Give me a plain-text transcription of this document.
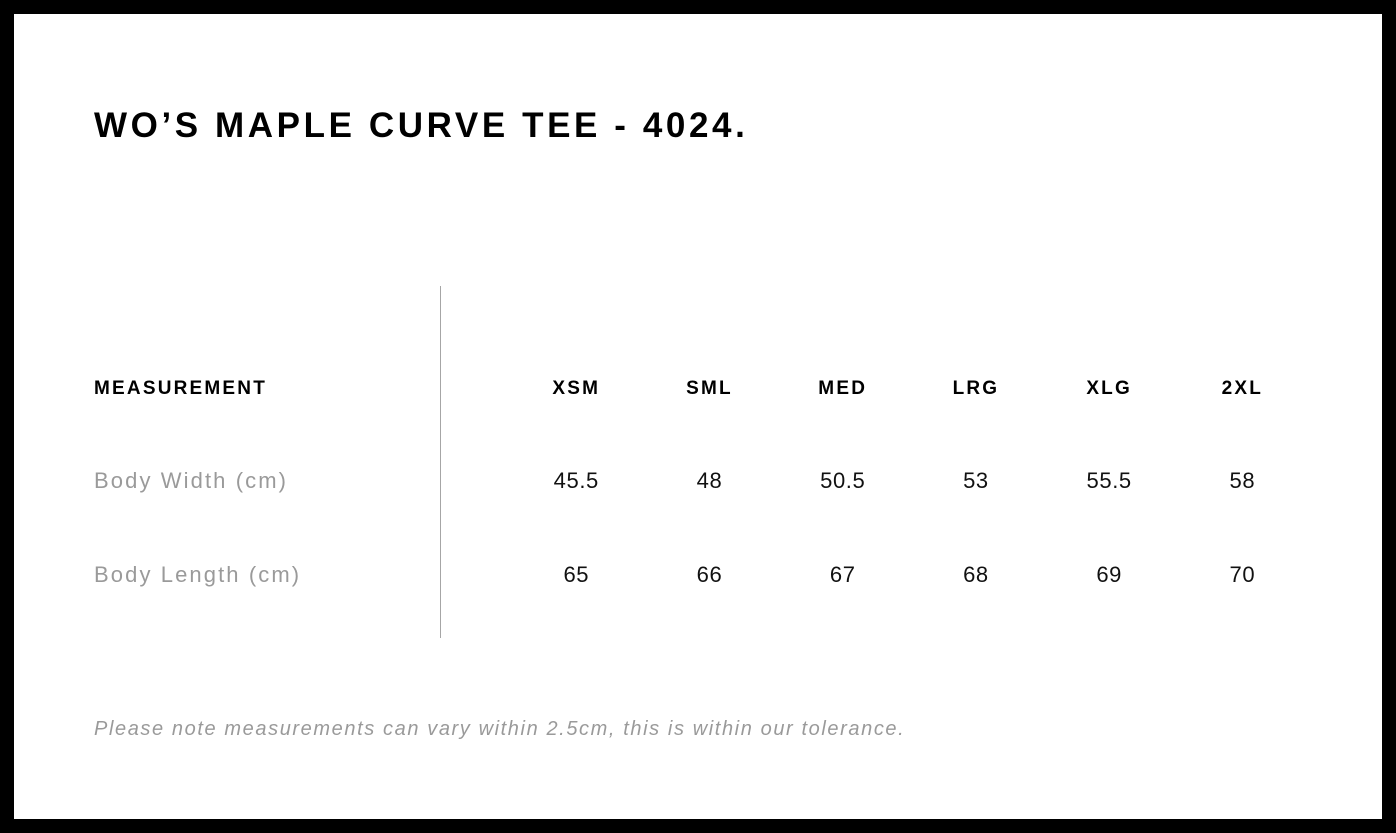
WO’S MAPLE CURVE TEE - 4024.
MEASUREMENT	XSM	SML	MED	LRG	XLG	2XL
Body Width (cm)	45.5	48	50.5	53	55.5	58
Body Length (cm)	65	66	67	68	69	70
Please note measurements can vary within 2.5cm, this is within our tolerance.
